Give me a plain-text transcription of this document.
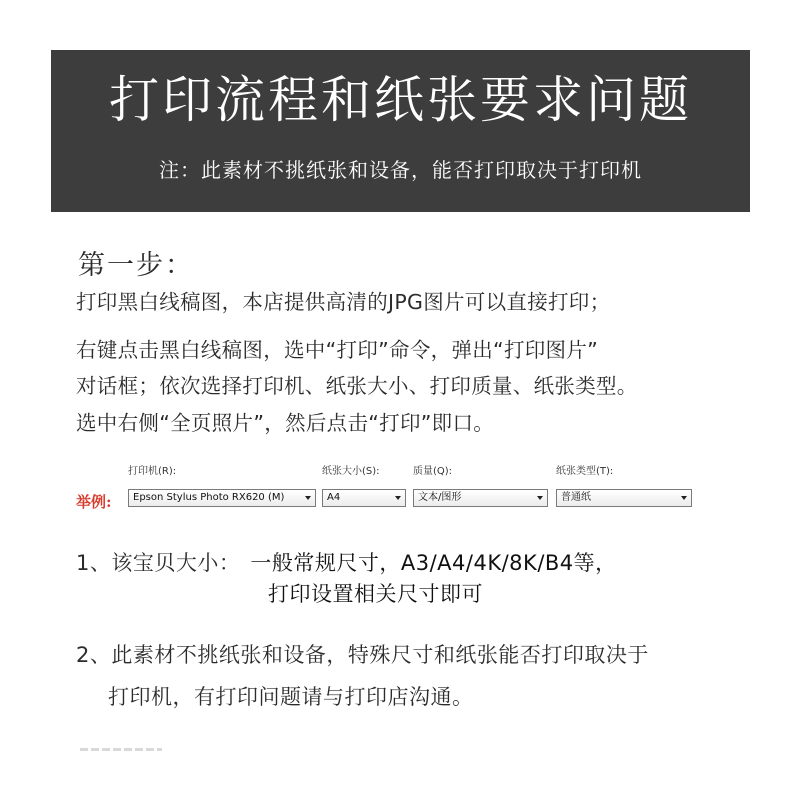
打印流程和纸张要求问题
注：此素材不挑纸张和设备，能否打印取决于打印机
第一步：
打印黑白线稿图，本店提供高清的JPG图片可以直接打印；
右键点击黑白线稿图，选中“打印”命令，弹出“打印图片”
对话框；依次选择打印机、纸张大小、打印质量、纸张类型。
选中右侧“全页照片”，然后点击“打印”即口。
举例:
打印机(R):
Epson Stylus Photo RX620 (M)
纸张大小(S):
A4
质量(Q):
文本/图形
纸张类型(T):
普通纸
1、该宝贝大小： 一般常规尺寸，A3/A4/4K/8K/B4等，
打印设置相关尺寸即可
2、此素材不挑纸张和设备，特殊尺寸和纸张能否打印取决于
打印机，有打印问题请与打印店沟通。
